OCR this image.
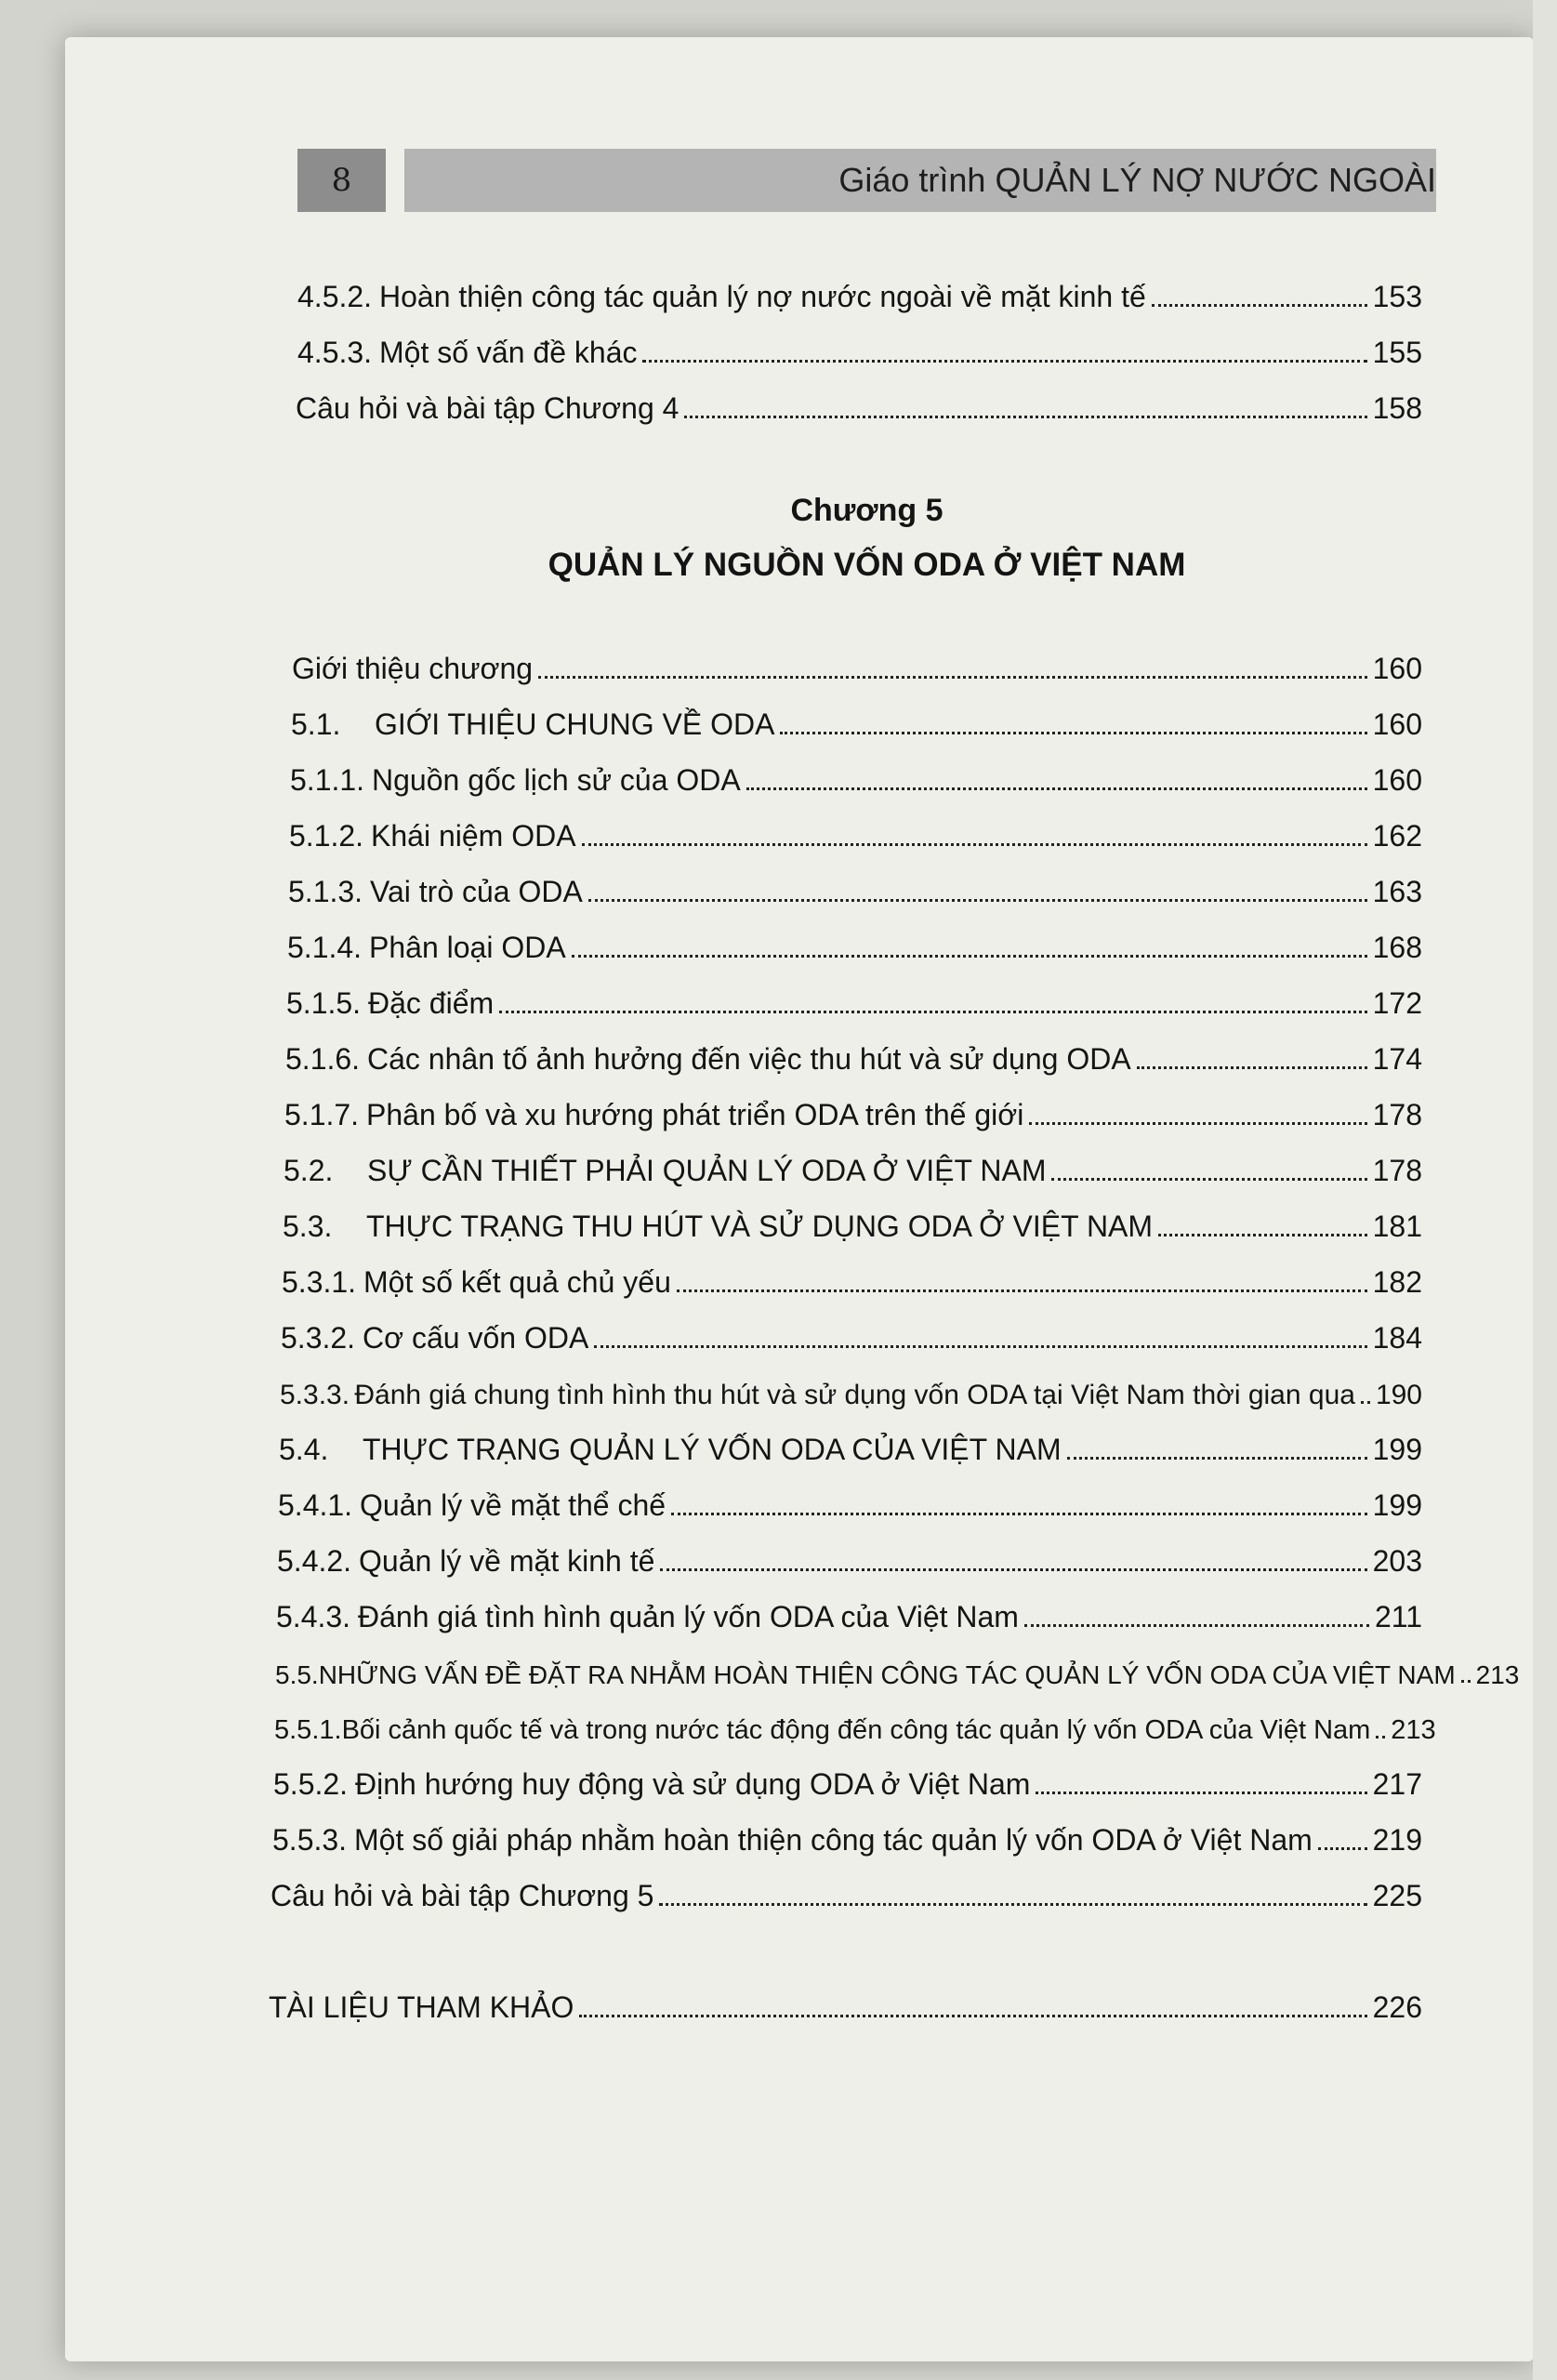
8	Giáo trình QUẢN LÝ NỢ NƯỚC NGOÀI
4.5.2. Hoàn thiện công tác quản lý nợ nước ngoài về mặt kinh tế	153
4.5.3. Một số vấn đề khác	155
Câu hỏi và bài tập Chương 4	158
Chương 5
QUẢN LÝ NGUỒN VỐN ODA Ở VIỆT NAM
Giới thiệu chương	160
5.1.	GIỚI THIỆU CHUNG VỀ ODA	160
5.1.1. Nguồn gốc lịch sử của ODA	160
5.1.2. Khái niệm ODA	162
5.1.3. Vai trò của ODA	163
5.1.4. Phân loại ODA	168
5.1.5. Đặc điểm	172
5.1.6. Các nhân tố ảnh hưởng đến việc thu hút và sử dụng ODA	174
5.1.7. Phân bố và xu hướng phát triển ODA trên thế giới	178
5.2.	SỰ CẦN THIẾT PHẢI QUẢN LÝ ODA Ở VIỆT NAM	178
5.3.	THỰC TRẠNG THU HÚT VÀ SỬ DỤNG ODA Ở VIỆT NAM	181
5.3.1. Một số kết quả chủ yếu	182
5.3.2. Cơ cấu vốn ODA	184
5.3.3. Đánh giá chung tình hình thu hút và sử dụng vốn ODA tại Việt Nam thời gian qua 190
5.4.	THỰC TRẠNG QUẢN LÝ VỐN ODA CỦA VIỆT NAM	199
5.4.1. Quản lý về mặt thể chế	199
5.4.2. Quản lý về mặt kinh tế	203
5.4.3. Đánh giá tình hình quản lý vốn ODA của Việt Nam	211
5.5. NHỮNG VẤN ĐỀ ĐẶT RA NHẰM HOÀN THIỆN CÔNG TÁC QUẢN LÝ VỐN ODA CỦA VIỆT NAM 213
5.5.1. Bối cảnh quốc tế và trong nước tác động đến công tác quản lý vốn ODA của Việt Nam 213
5.5.2. Định hướng huy động và sử dụng ODA ở Việt Nam	217
5.5.3. Một số giải pháp nhằm hoàn thiện công tác quản lý vốn ODA ở Việt Nam 219
Câu hỏi và bài tập Chương 5	225
TÀI LIỆU THAM KHẢO	226
